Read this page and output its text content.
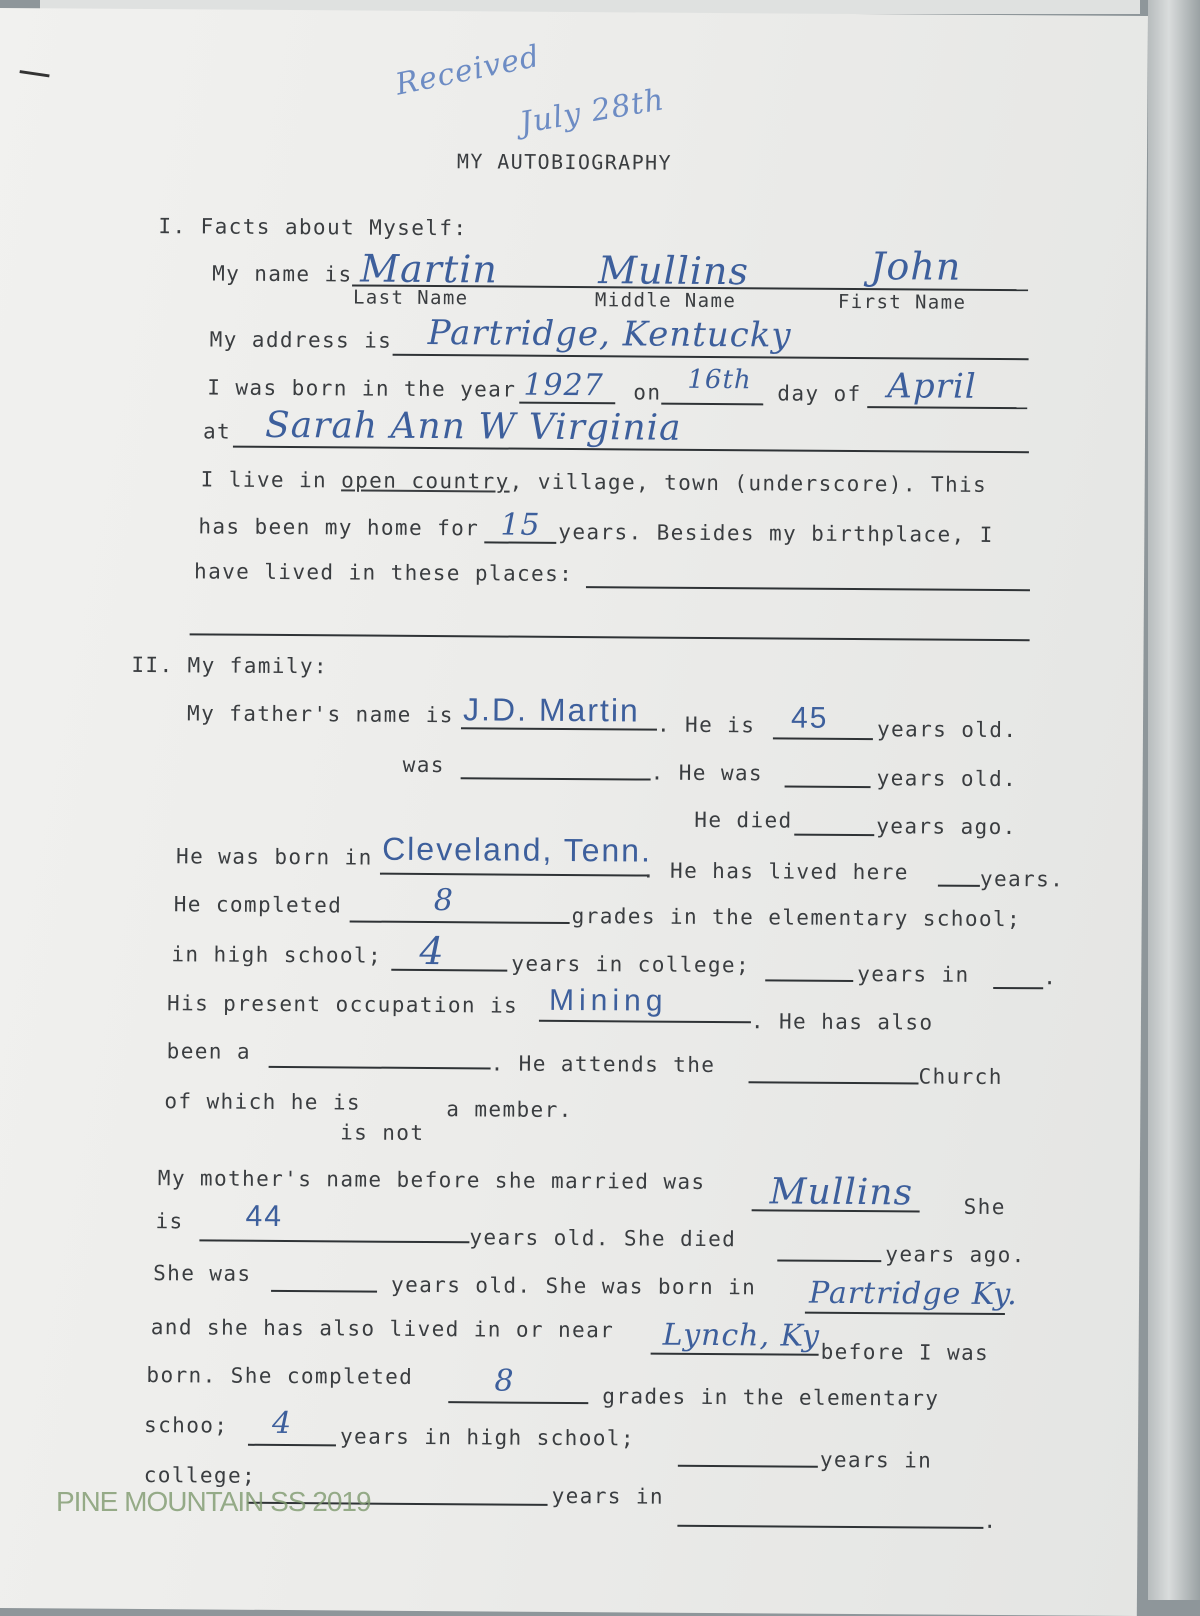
Received
July 28th
MY AUTOBIOGRAPHY
I. Facts about Myself:
My name is Martin	Mullins	John
Last Name	Middle Name	First Name
My address is Partridge, Kentucky
I was born in the year 1927 on 16th day of April
at Sarah Ann W Virginia
I live in open country, village, town (underscore). This
has been my home for 15 years. Besides my birthplace, I
have lived in these places:
II. My family:
My father's name is J.D. Martin . He is 45 years old.
was	. He was	years old.
He died	years ago.
He was born in Cleveland, Tenn.
. He has lived here	years.
He completed	8	grades in the elementary school;
in high school; 4	years in college;	years in	.
His present occupation is Mining
. He has also
been a	. He attends the	Church
of which he is	a member.
is not
My mother's name before she married was Mullins She
is 44
years old. She died
years ago.
She was	years old. She was born in Partridge Ky.
and she has also lived in or near Lynch, Ky before I was
born. She completed	8	grades in the elementary
schoo; 4 years in high school;
years in
college;
years in
.
PINE MOUNTAIN SS 2019
